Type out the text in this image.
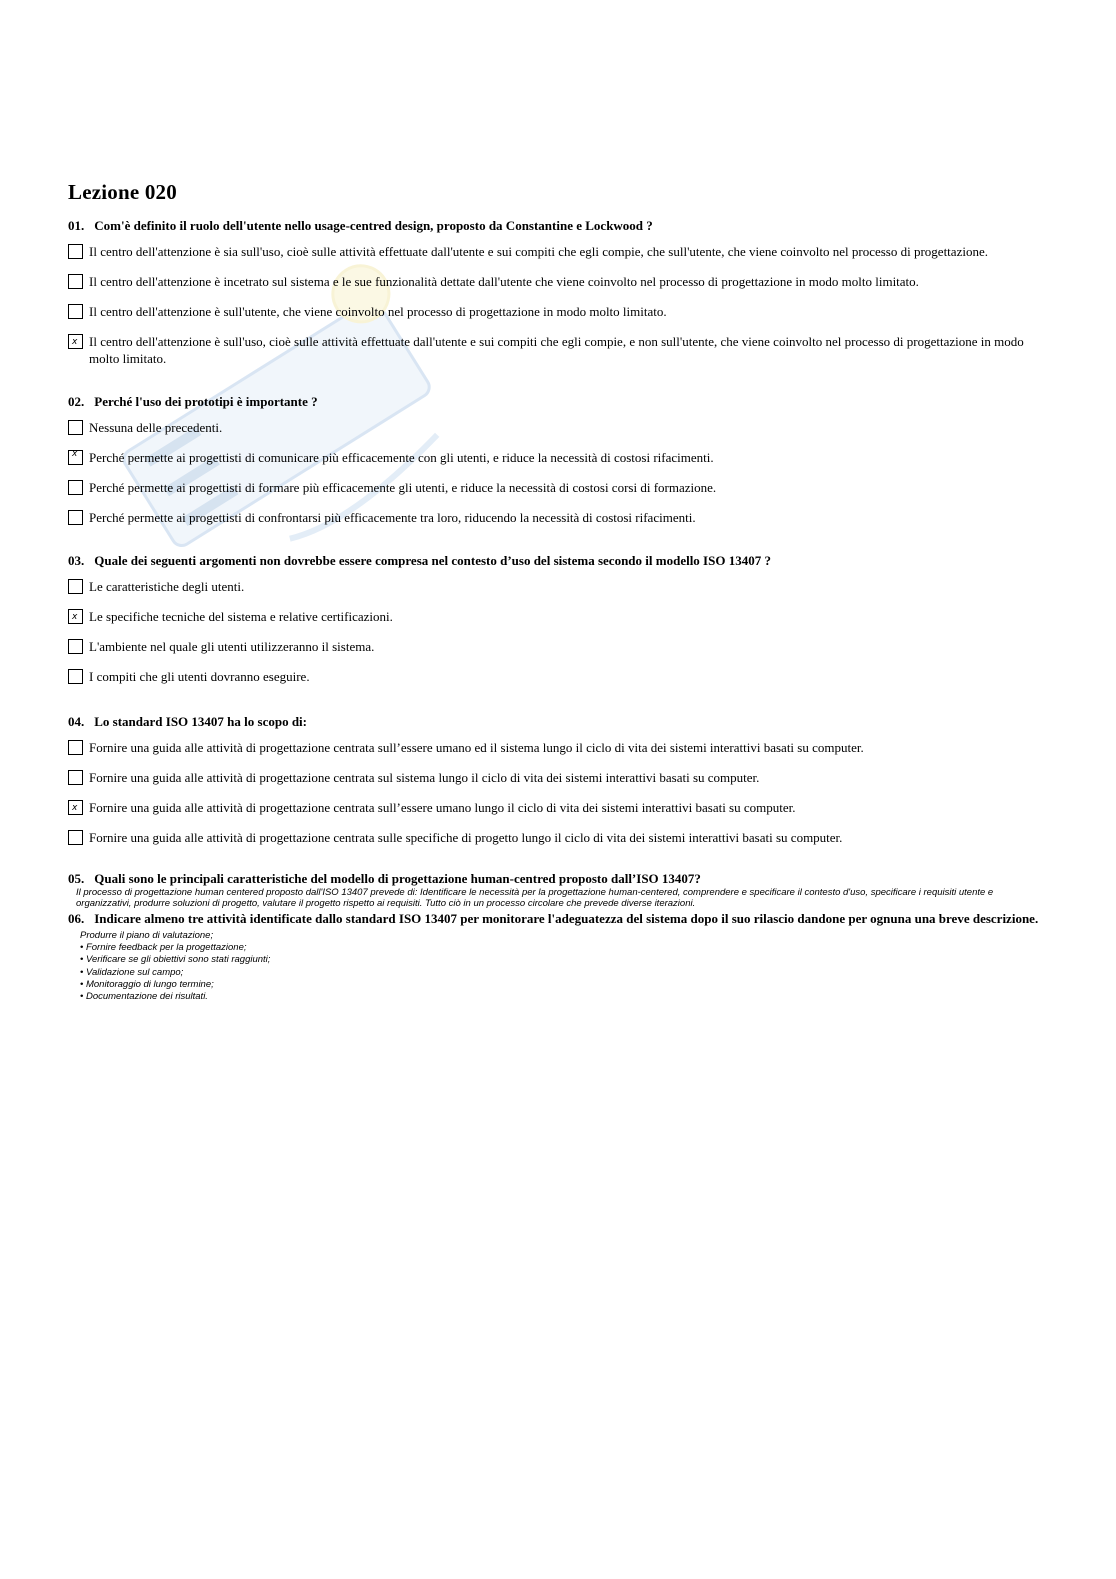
Lezione 020

01. Com'è definito il ruolo dell'utente nello usage-centred design, proposto da Constantine e Lockwood ?

Il centro dell'attenzione è sia sull'uso, cioè sulle attività effettuate dall'utente e sui compiti che egli compie, che sull'utente, che viene coinvolto nel processo di progettazione.
Il centro dell'attenzione è incetrato sul sistema e le sue funzionalità dettate dall'utente che viene coinvolto nel processo di progettazione in modo molto limitato.
Il centro dell'attenzione è sull'utente, che viene coinvolto nel processo di progettazione in modo molto limitato.
x Il centro dell'attenzione è sull'uso, cioè sulle attività effettuate dall'utente e sui compiti che egli compie, e non sull'utente, che viene coinvolto nel processo di progettazione in modo molto limitato.

02. Perché l'uso dei prototipi è importante ?

Nessuna delle precedenti.
x Perché permette ai progettisti di comunicare più efficacemente con gli utenti, e riduce la necessità di costosi rifacimenti.
Perché permette ai progettisti di formare più efficacemente gli utenti, e riduce la necessità di costosi corsi di formazione.
Perché permette ai progettisti di confrontarsi più efficacemente tra loro, riducendo la necessità di costosi rifacimenti.

03. Quale dei seguenti argomenti non dovrebbe essere compresa nel contesto d’uso del sistema secondo il modello ISO 13407 ?

Le caratteristiche degli utenti.
x Le specifiche tecniche del sistema e relative certificazioni.
L'ambiente nel quale gli utenti utilizzeranno il sistema.
I compiti che gli utenti dovranno eseguire.

04. Lo standard ISO 13407 ha lo scopo di:

Fornire una guida alle attività di progettazione centrata sull’essere umano ed il sistema lungo il ciclo di vita dei sistemi interattivi basati su computer.
Fornire una guida alle attività di progettazione centrata sul sistema lungo il ciclo di vita dei sistemi interattivi basati su computer.
x Fornire una guida alle attività di progettazione centrata sull’essere umano lungo il ciclo di vita dei sistemi interattivi basati su computer.
Fornire una guida alle attività di progettazione centrata sulle specifiche di progetto lungo il ciclo di vita dei sistemi interattivi basati su computer.

05. Quali sono le principali caratteristiche del modello di progettazione human-centred proposto dall’ISO 13407?

Il processo di progettazione human centered proposto dall'ISO 13407 prevede di: Identificare le necessità per la progettazione human-centered, comprendere e specificare il contesto d'uso, specificare i requisiti utente e organizzativi, produrre soluzioni di progetto, valutare il progetto rispetto ai requisiti. Tutto ciò in un processo circolare che prevede diverse iterazioni.

06. Indicare almeno tre attività identificate dallo standard ISO 13407 per monitorare l'adeguatezza del sistema dopo il suo rilascio dandone per ognuna una breve descrizione.

Produrre il piano di valutazione;
• Fornire feedback per la progettazione;
• Verificare se gli obiettivi sono stati raggiunti;
• Validazione sul campo;
• Monitoraggio di lungo termine;
• Documentazione dei risultati.
